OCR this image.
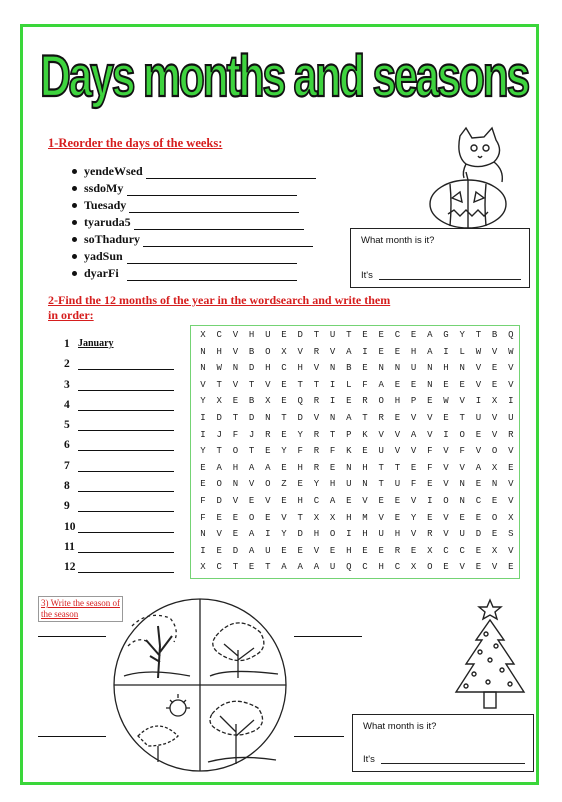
Days months and seasons
1-Reorder the days of the weeks:
yendeWsed
ssdoMy
Tuesady
tyaruda5
soThadury
yadSun
dyarFi
What month is it?
It's
2-Find the 12 months of the year in the wordsearch and write them in order:
1 January
2
3
4
5
6
7
8
9
10
11
12
X	C	V	H	U	E	D	T	U	T	E	E	C	E	A	G	Y	T	B	Q
N	H	V	B	O	X	V	R	V	A	I	E	E	H	A	I	L	W	V	W
N	W	N	D	H	C	H	V	N	B	E	N	N	U	N	H	N	V	E	V
V	T	V	T	V	E	T	T	I	L	F	A	E	E	N	E	E	V	E	V
Y	X	E	B	X	E	Q	R	I	E	R	O	H	P	E	W	V	I	X	I
I	D	T	D	N	T	D	V	N	A	T	R	E	V	V	E	T	U	V	U
I	J	F	J	R	E	Y	R	T	P	K	V	V	A	V	I	O	E	V	R
Y	T	O	T	E	Y	F	R	F	K	E	U	V	V	F	V	F	V	O	V
E	A	H	A	A	E	H	R	E	N	H	T	T	E	F	V	V	A	X	E
E	O	N	V	O	Z	E	Y	H	U	N	T	U	F	E	V	N	E	N	V
F	D	V	E	V	E	H	C	A	E	V	E	E	V	I	O	N	C	E	V
F	E	E	O	E	V	T	X	X	H	M	V	E	Y	E	V	E	E	O	X
N	V	E	A	I	Y	D	H	O	I	H	U	H	V	R	V	U	D	E	S
I	E	D	A	U	E	E	V	E	H	E	E	R	E	X	C	C	E	X	V
X	C	T	E	T	A	A	A	U	Q	C	H	C	X	O	E	V	E	V	E
3) Write the season of
the season
What month is it?
It's
